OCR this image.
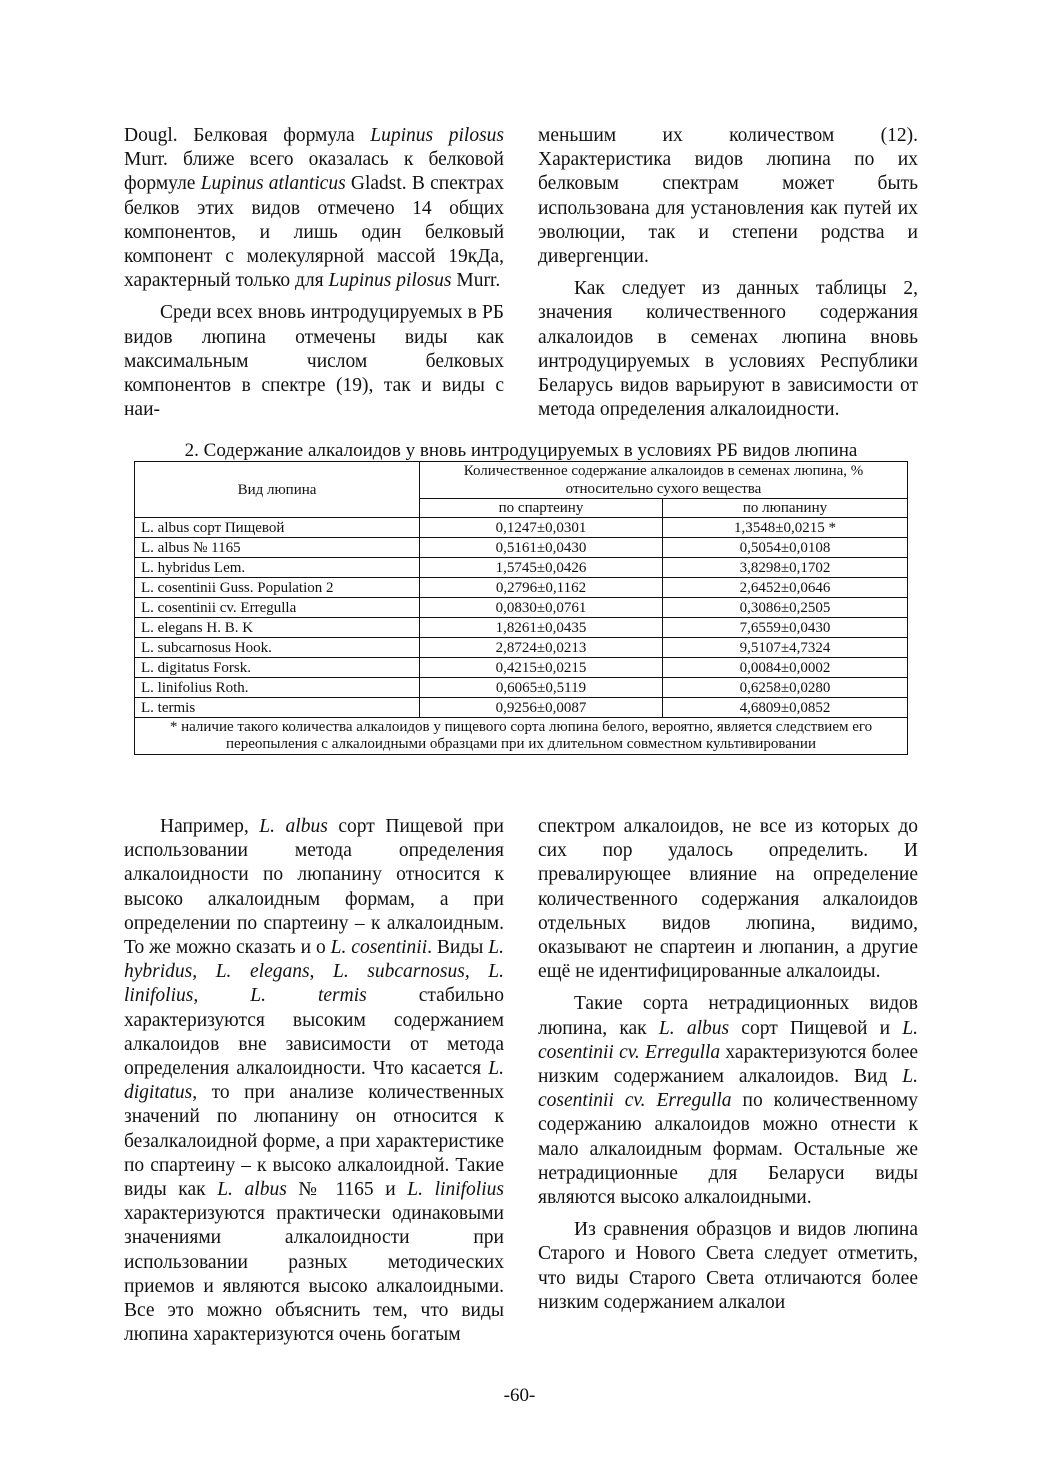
Dougl. Белковая формула Lupinus pilosus Murr. ближе всего оказалась к белковой формуле Lupinus atlanticus Gladst. В спектрах белков этих видов отмечено 14 общих компонентов, и лишь один белковый компонент с молекулярной массой 19кДа, характерный только для Lupinus pilosus Murr.

Среди всех вновь интродуцируемых в РБ видов люпина отмечены виды как максимальным числом белковых компонентов в спектре (19), так и виды с наи-

меньшим их количеством (12). Характеристика видов люпина по их белковым спектрам может быть использована для установления как путей их эволюции, так и степени родства и дивергенции.

Как следует из данных таблицы 2, значения количественного содержания алкалоидов в семенах люпина вновь интродуцируемых в условиях Республики Беларусь видов варьируют в зависимости от метода определения алкалоидности.

2. Содержание алкалоидов у вновь интродуцируемых в условиях РБ видов люпина
Вид люпина	Количественное содержание алкалоидов в семенах люпина, % относительно сухого вещества	
	по спартеину	по люпанину
L. albus сорт Пищевой	0,1247±0,0301	1,3548±0,0215 *
L. albus № 1165	0,5161±0,0430	0,5054±0,0108
L. hybridus Lem.	1,5745±0,0426	3,8298±0,1702
L. cosentinii Guss. Population 2	0,2796±0,1162	2,6452±0,0646
L. cosentinii cv. Erregulla	0,0830±0,0761	0,3086±0,2505
L. elegans H. B. K	1,8261±0,0435	7,6559±0,0430
L. subcarnosus Hook.	2,8724±0,0213	9,5107±4,7324
L. digitatus Forsk.	0,4215±0,0215	0,0084±0,0002
L. linifolius Roth.	0,6065±0,5119	0,6258±0,0280
L. termis	0,9256±0,0087	4,6809±0,0852
* наличие такого количества алкалоидов у пищевого сорта люпина белого, вероятно, является следствием его переопыления с алкалоидными образцами при их длительном совместном культивировании		

Например, L. albus сорт Пищевой при использовании метода определения алкалоидности по люпанину относится к высоко алкалоидным формам, а при определении по спартеину – к алкалоидным. То же можно сказать и о L. cosentinii. Виды L. hybridus, L. elegans, L. subcarnosus, L. linifolius, L. termis стабильно характеризуются высоким содержанием алкалоидов вне зависимости от метода определения алкалоидности. Что касается L. digitatus, то при анализе количественных значений по люпанину он относится к безалкалоидной форме, а при характеристике по спартеину – к высоко алкалоидной. Такие виды как L. albus № 1165 и L. linifolius характеризуются практически одинаковыми значениями алкалоидности при использовании разных методических приемов и являются высоко алкалоидными. Все это можно объяснить тем, что виды люпина характеризуются очень богатым

спектром алкалоидов, не все из которых до сих пор удалось определить. И превалирующее влияние на определение количественного содержания алкалоидов отдельных видов люпина, видимо, оказывают не спартеин и люпанин, а другие ещё не идентифицированные алкалоиды.

Такие сорта нетрадиционных видов люпина, как L. albus сорт Пищевой и L. cosentinii cv. Erregulla характеризуются более низким содержанием алкалоидов. Вид L. cosentinii cv. Erregulla по количественному содержанию алкалоидов можно отнести к мало алкалоидным формам. Остальные же нетрадиционные для Беларуси виды являются высоко алкалоидными.

Из сравнения образцов и видов люпина Старого и Нового Света следует отметить, что виды Старого Света отличаются более низким содержанием алкалои

-60-
